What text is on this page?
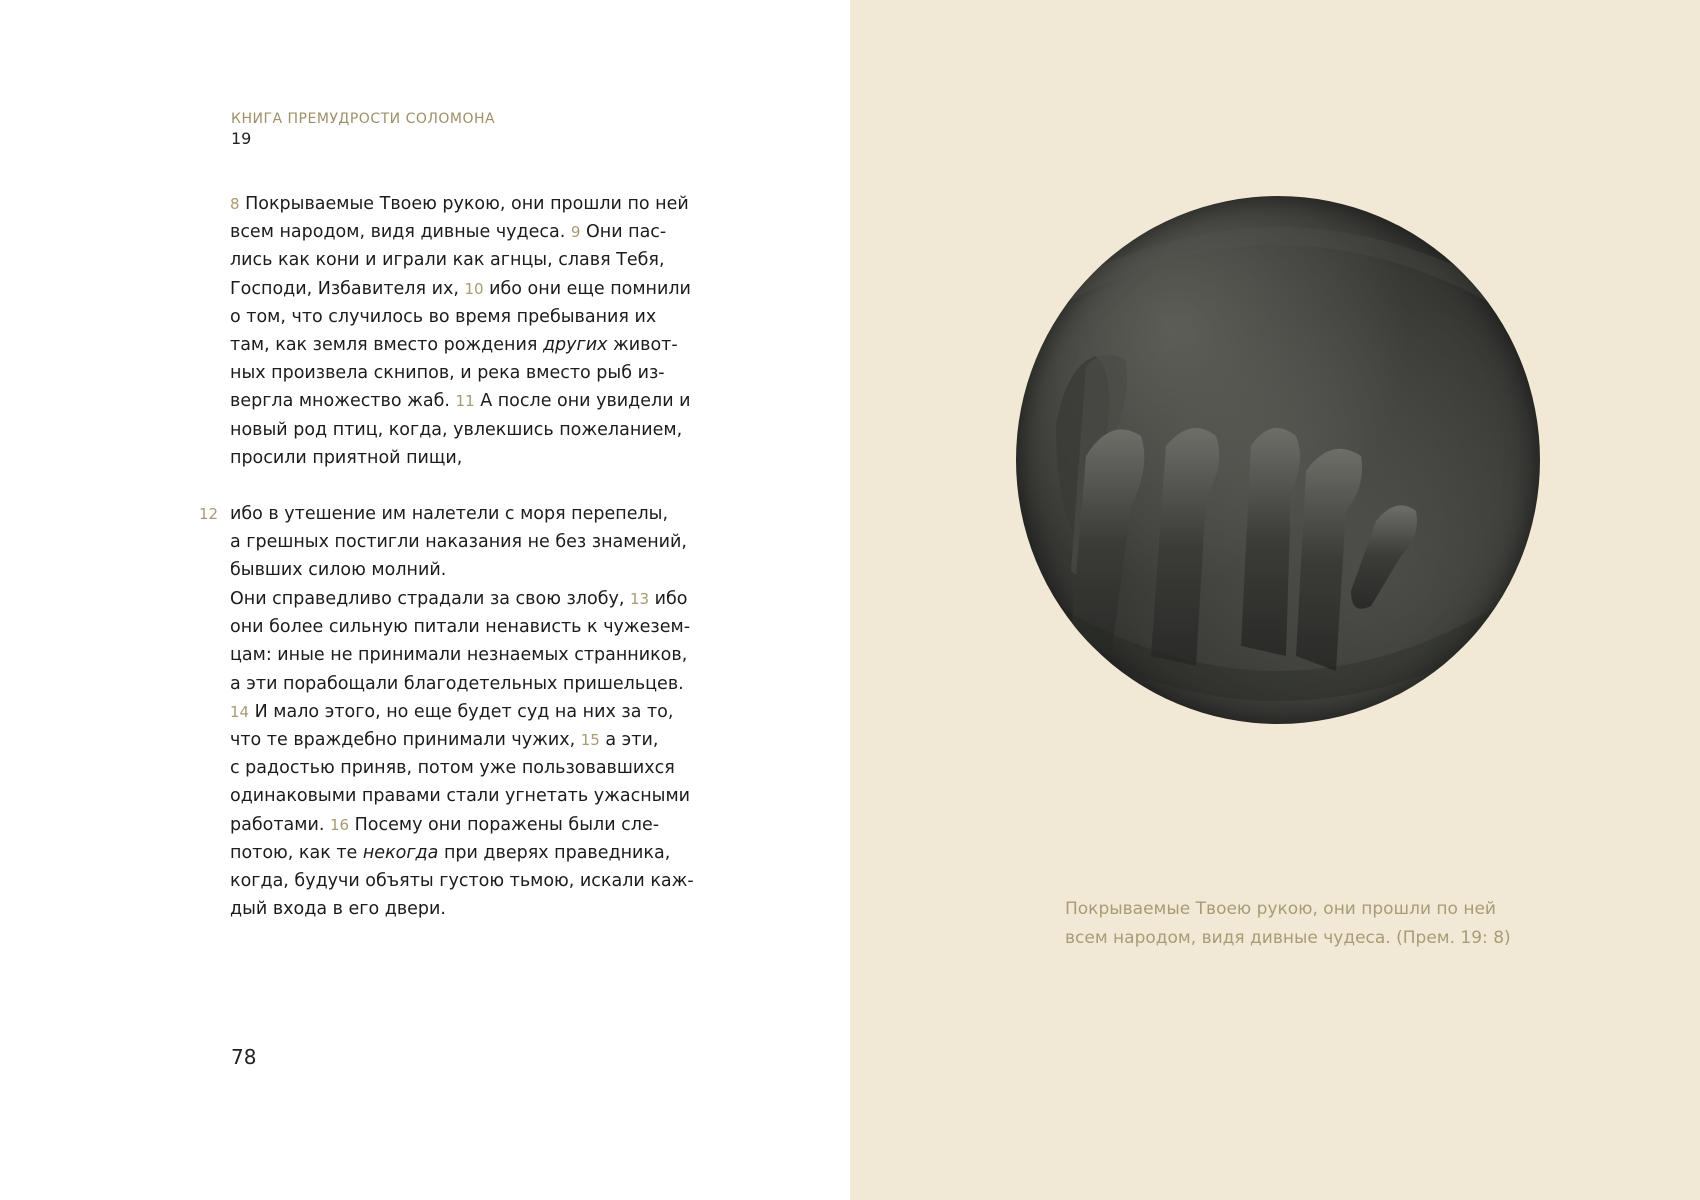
КНИГА ПРЕМУДРОСТИ СОЛОМОНА
19
8 Покрываемые Твоею рукою, они прошли по ней
всем народом, видя дивные чудеса. 9 Они пас-
лись как кони и играли как агнцы, славя Тебя,
Господи, Избавителя их, 10 ибо они еще помнили
о том, что случилось во время пребывания их
там, как земля вместо рождения других живот-
ных произвела скнипов, и река вместо рыб из-
вергла множество жаб. 11 А после они увидели и
новый род птиц, когда, увлекшись пожеланием,
просили приятной пищи,
12 ибо в утешение им налетели с моря перепелы,
а грешных постигли наказания не без знамений,
бывших силою молний.
Они справедливо страдали за свою злобу, 13 ибо
они более сильную питали ненависть к чужезем-
цам: иные не принимали незнаемых странников,
а эти порабощали благодетельных пришельцев.
14 И мало этого, но еще будет суд на них за то,
что те враждебно принимали чужих, 15 а эти,
с радостью приняв, потом уже пользовавшихся
одинаковыми правами стали угнетать ужасными
работами. 16 Посему они поражены были сле-
потою, как те некогда при дверях праведника,
когда, будучи объяты густою тьмою, искали каж-
дый входа в его двери.
78
Покрываемые Твоею рукою, они прошли по ней
всем народом, видя дивные чудеса. (Прем. 19: 8)
